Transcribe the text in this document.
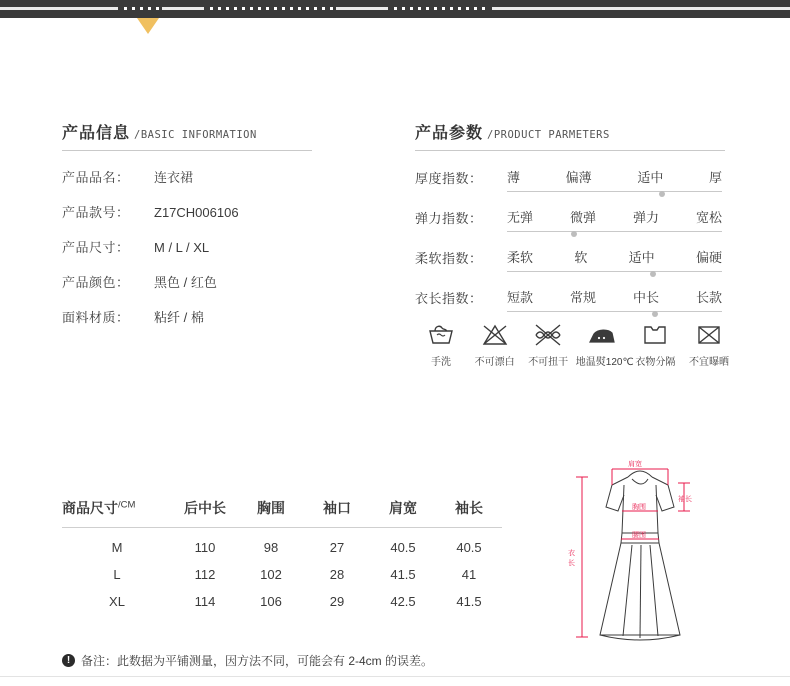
产品信息 /BASIC INFORMATION
产品品名：	连衣裙
产品款号：	Z17CH006106
产品尺寸：	M / L / XL
产品颜色：	黑色 / 红色
面料材质：	粘纤 / 棉
产品参数 /PRODUCT PARMETERS
厚度指数：	薄	偏薄	适中	厚
弹力指数：	无弹	微弹	弹力	宽松
柔软指数：	柔软	软	适中	偏硬
衣长指数：	短款	常规	中长	长款
手洗	不可漂白	不可扭干 地温熨120℃ 衣物分隔	不宜曝晒
商品尺寸$^{/CM}$	后中长	胸围	袖口	肩宽	袖长
M	110	98	27	40.5	40.5
L	112	102	28	41.5	41
XL	114	106	29	42.5	41.5
! 备注：此数据为平铺测量，因方法不同，可能会有 2-4cm 的误差。
肩宽
袖长
胸围
腰围
衣
长
